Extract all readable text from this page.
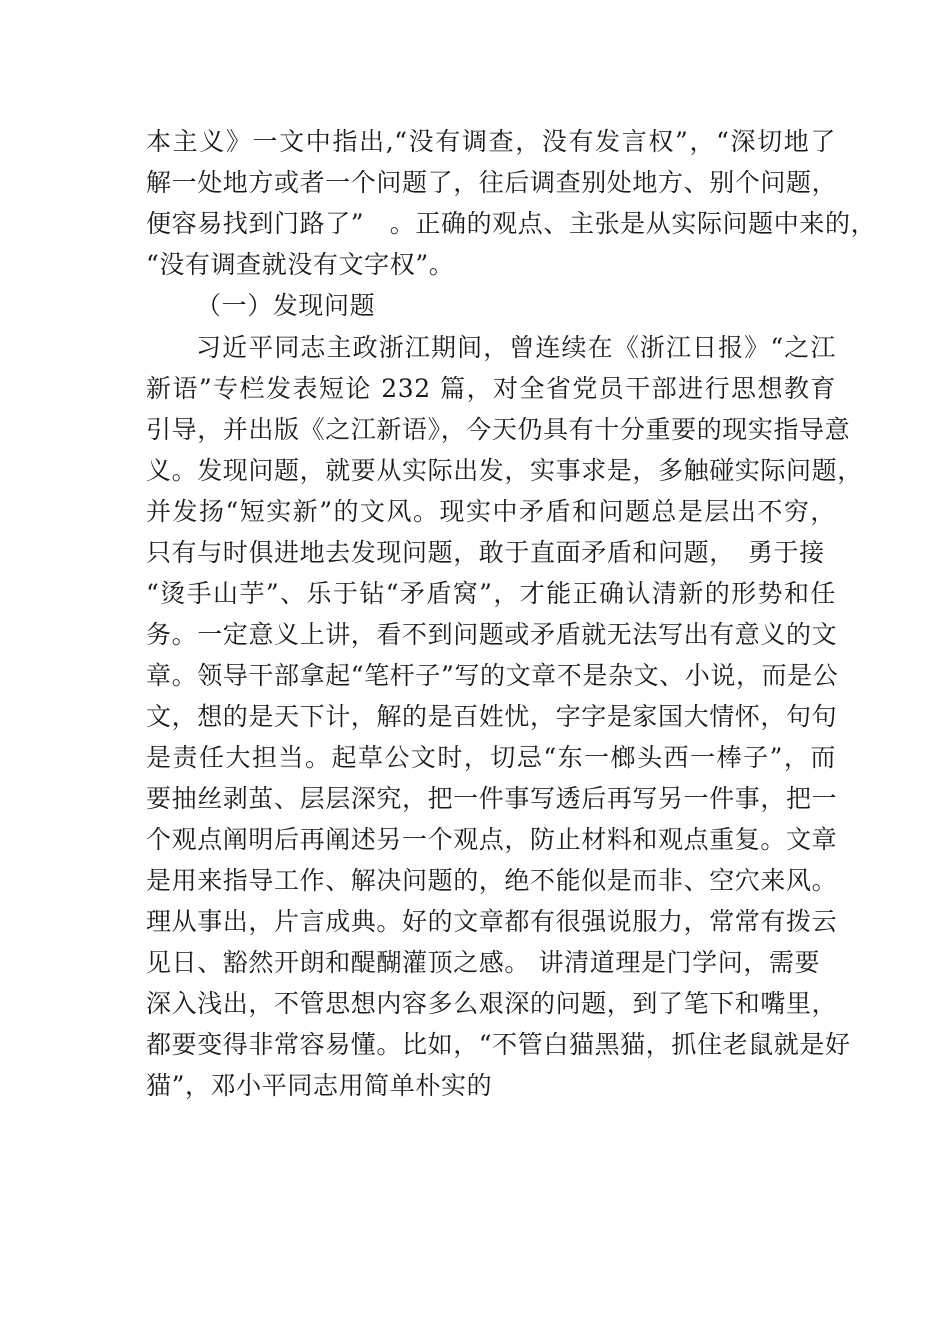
本主义》一文中指出,“没有调查，没有发言权”，“深切地了
解一处地方或者一个问题了，往后调查别处地方、别个问题，
便容易找到门路了”　。正确的观点、主张是从实际问题中来的，
“没有调查就没有文字权”。
（一）发现问题
习近平同志主政浙江期间，曾连续在《浙江日报》“之江
新语”专栏发表短论 232 篇，对全省党员干部进行思想教育
引导，并出版《之江新语》，今天仍具有十分重要的现实指导意
义。发现问题，就要从实际出发，实事求是，多触碰实际问题，
并发扬“短实新”的文风。现实中矛盾和问题总是层出不穷，
只有与时俱进地去发现问题，敢于直面矛盾和问题，　勇于接
“烫手山芋”、乐于钻“矛盾窝”，才能正确认清新的形势和任
务。一定意义上讲，看不到问题或矛盾就无法写出有意义的文
章。领导干部拿起“笔杆子”写的文章不是杂文、小说，而是公
文，想的是天下计，解的是百姓忧，字字是家国大情怀，句句
是责任大担当。起草公文时，切忌“东一榔头西一棒子”，而
要抽丝剥茧、层层深究，把一件事写透后再写另一件事，把一
个观点阐明后再阐述另一个观点，防止材料和观点重复。文章
是用来指导工作、解决问题的，绝不能似是而非、空穴来风。
理从事出，片言成典。好的文章都有很强说服力，常常有拨云
见日、豁然开朗和醍醐灌顶之感。 讲清道理是门学问，需要
深入浅出，不管思想内容多么艰深的问题，到了笔下和嘴里，
都要变得非常容易懂。比如，“不管白猫黑猫，抓住老鼠就是好
猫”，邓小平同志用简单朴实的
